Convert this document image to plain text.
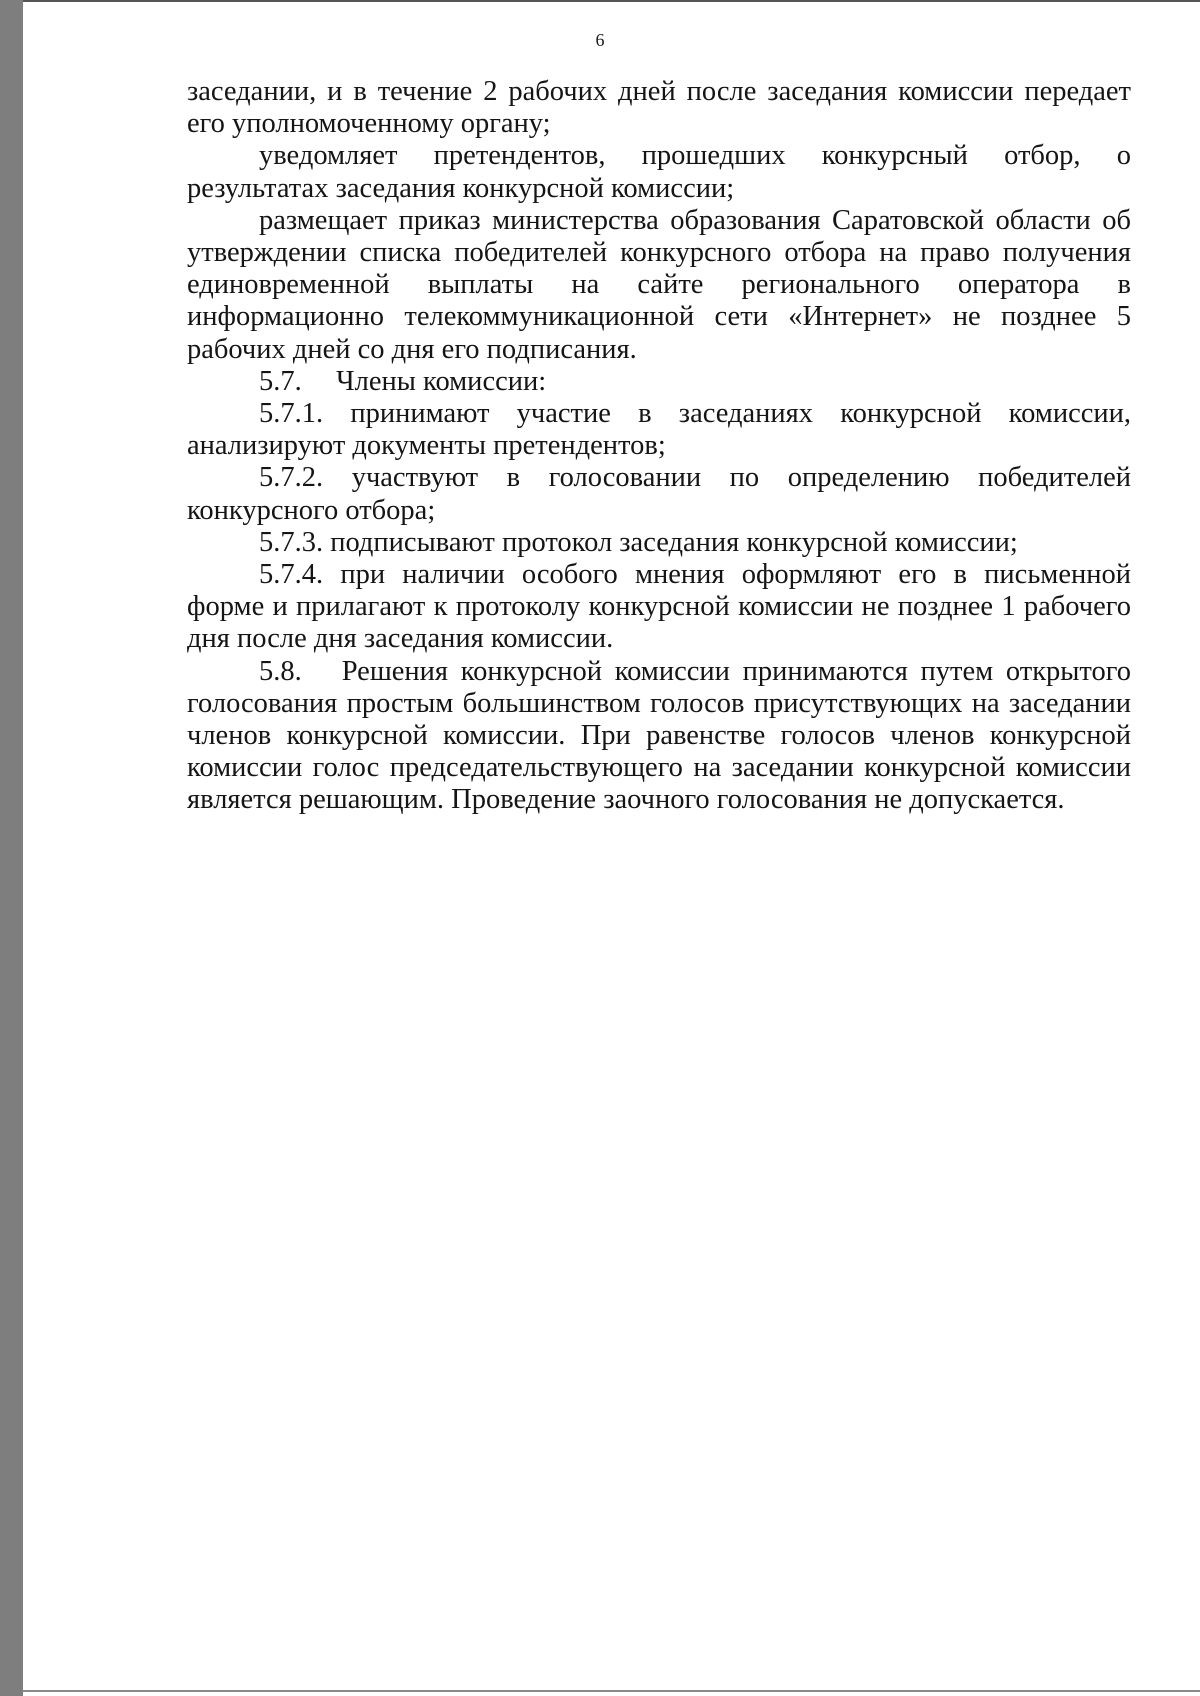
6

заседании, и в течение 2 рабочих дней после заседания комиссии передает его уполномоченному органу;

уведомляет претендентов, прошедших конкурсный отбор, о результатах заседания конкурсной комиссии;

размещает приказ министерства образования Саратовской области об утверждении списка победителей конкурсного отбора на право получения единовременной выплаты на сайте регионального оператора в информационно телекоммуникационной сети «Интернет» не позднее 5 рабочих дней со дня его подписания.

5.7. Члены комиссии:

5.7.1. принимают участие в заседаниях конкурсной комиссии, анализируют документы претендентов;

5.7.2. участвуют в голосовании по определению победителей конкурсного отбора;

5.7.3. подписывают протокол заседания конкурсной комиссии;

5.7.4. при наличии особого мнения оформляют его в письменной форме и прилагают к протоколу конкурсной комиссии не позднее 1 рабочего дня после дня заседания комиссии.

5.8. Решения конкурсной комиссии принимаются путем открытого голосования простым большинством голосов присутствующих на заседании членов конкурсной комиссии. При равенстве голосов членов конкурсной комиссии голос председательствующего на заседании конкурсной комиссии является решающим. Проведение заочного голосования не допускается.
